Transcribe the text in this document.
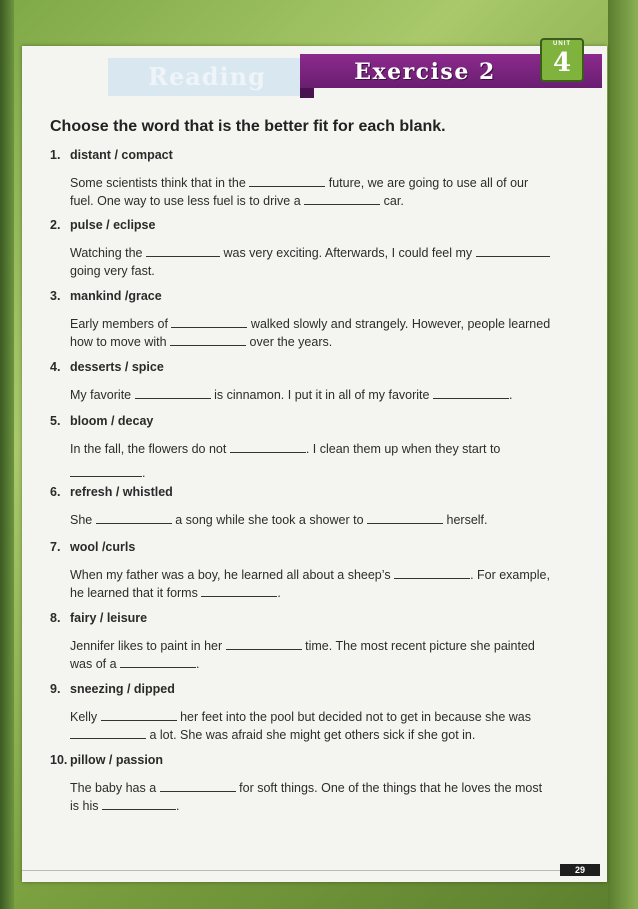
Reading	Exercise 2
UNIT
4
Choose the word that is the better fit for each blank.
1. distant / compact
Some scientists think that in the	future, we are going to use all of our
fuel. One way to use less fuel is to drive a	car.
2. pulse / eclipse
Watching the	was very exciting. Afterwards, I could feel my
going very fast.
3. mankind /grace
Early members of	walked slowly and strangely. However, people learned
how to move with	over the years.
4. desserts / spice
My favorite	is cinnamon. I put it in all of my favorite	.
5. bloom / decay
In the fall, the flowers do not	. I clean them up when they start to
.
6. refresh / whistled
She	a song while she took a shower to	herself.
7. wool /curls
When my father was a boy, he learned all about a sheep’s	. For example,
he learned that it forms	.
8. fairy / leisure
Jennifer likes to paint in her	time. The most recent picture she painted
was of a	.
9. sneezing / dipped
Kelly	her feet into the pool but decided not to get in because she was
a lot. She was afraid she might get others sick if she got in.
10. pillow / passion
The baby has a	for soft things. One of the things that he loves the most
is his	.
29
